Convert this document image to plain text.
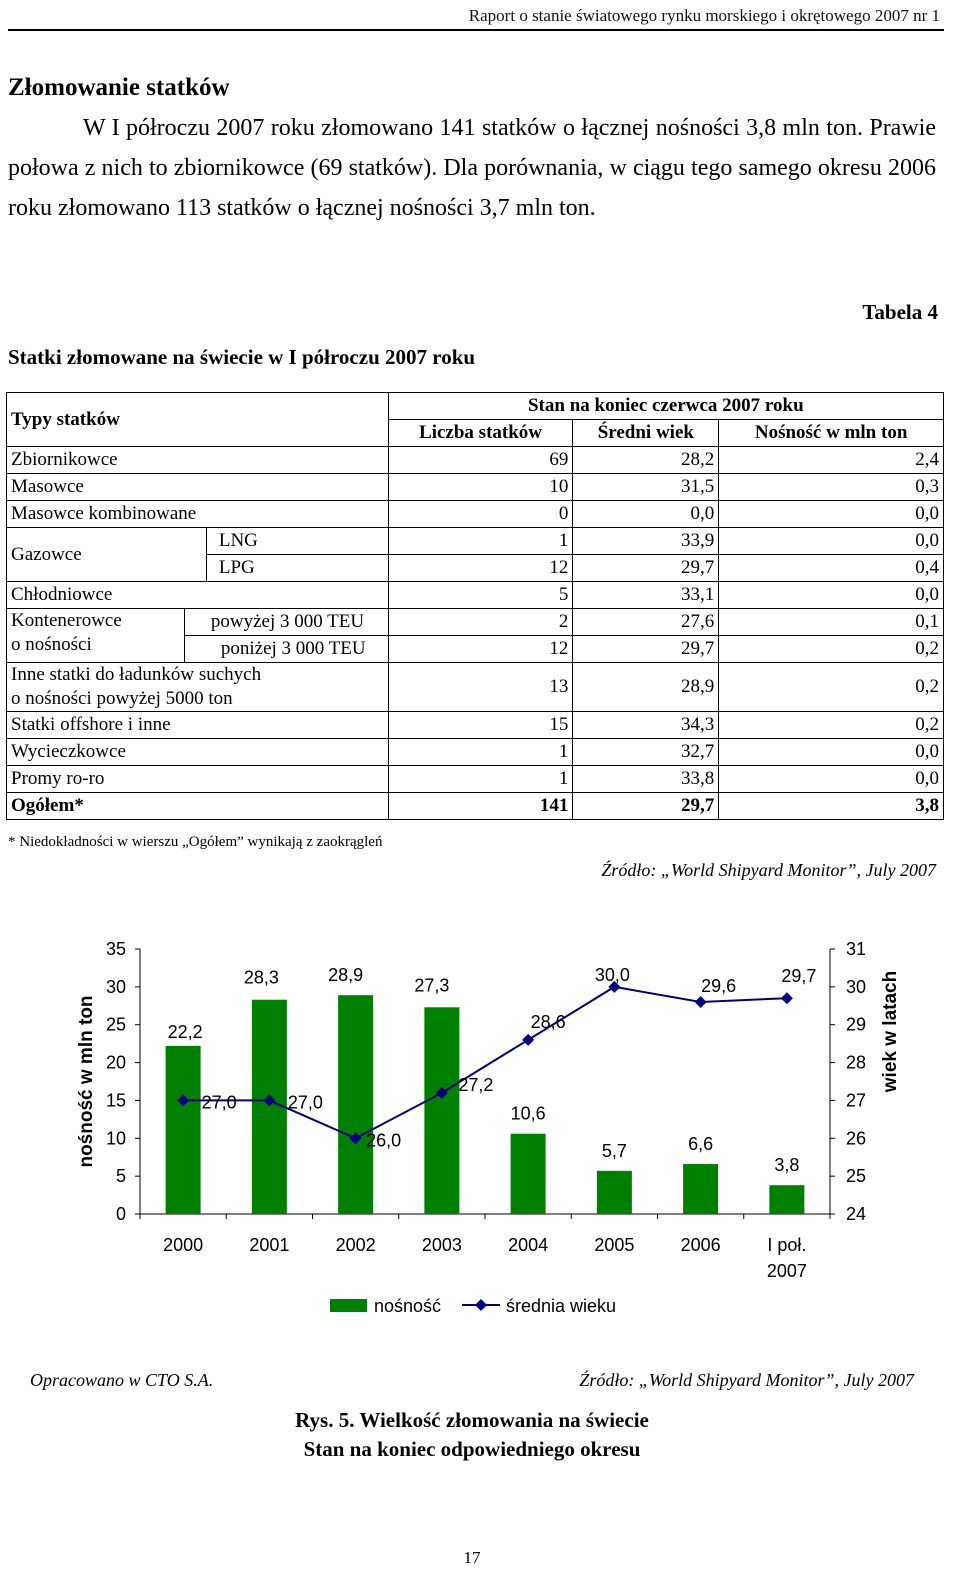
Raport o stanie światowego rynku morskiego i okrętowego 2007 nr 1
Złomowanie statków
W I półroczu 2007 roku złomowano 141 statków o łącznej nośności 3,8 mln ton. Prawie połowa z nich to zbiornikowce (69 statków). Dla porównania, w ciągu tego samego okresu 2006 roku złomowano 113 statków o łącznej nośności 3,7 mln ton.
Tabela 4
Statki złomowane na świecie w I półroczu 2007 roku
Typy statków			Stan na koniec czerwca 2007 roku		
			Liczba statków	Średni wiek	Nośność w mln ton
Zbiornikowce			69	28,2	2,4
Masowce			10	31,5	0,3
Masowce kombinowane			0	0,0	0,0
Gazowce		LNG	1	33,9	0,0
		LPG	12	29,7	0,4
Chłodniowce			5	33,1	0,0

Kontenerowce
o nośności	powyżej 3 000 TEU		2	27,6	0,1
	poniżej 3 000 TEU		12	29,7	0,2

Inne statki do ładunków suchych
o nośności powyżej 5000 ton			13	28,9	0,2
Statki offshore i inne			15	34,3	0,2
Wycieczkowce			1	32,7	0,0
Promy ro-ro			1	33,8	0,0
Ogółem*			141	29,7	3,8
* Niedokładności w wierszu „Ogółem” wynikają z zaokrągleń
Źródło: „World Shipyard Monitor”, July 2007
0
5
10
15
20
25
30
35
24
25
26
27
28
29
30
31
2000	2001	2002	2003	2004	2005	2006	I poł.
2007
22,2
28,3	28,9
27,3
10,6
5,7	6,6
3,8
27,0	27,0
26,0
27,2
28,6
30,0
29,6	29,7
nośność w mln ton	wiek w latach
nośność	średnia wieku
Opracowano w CTO S.A.	Źródło: „World Shipyard Monitor”, July 2007
Rys. 5. Wielkość złomowania na świecie
Stan na koniec odpowiedniego okresu
17
